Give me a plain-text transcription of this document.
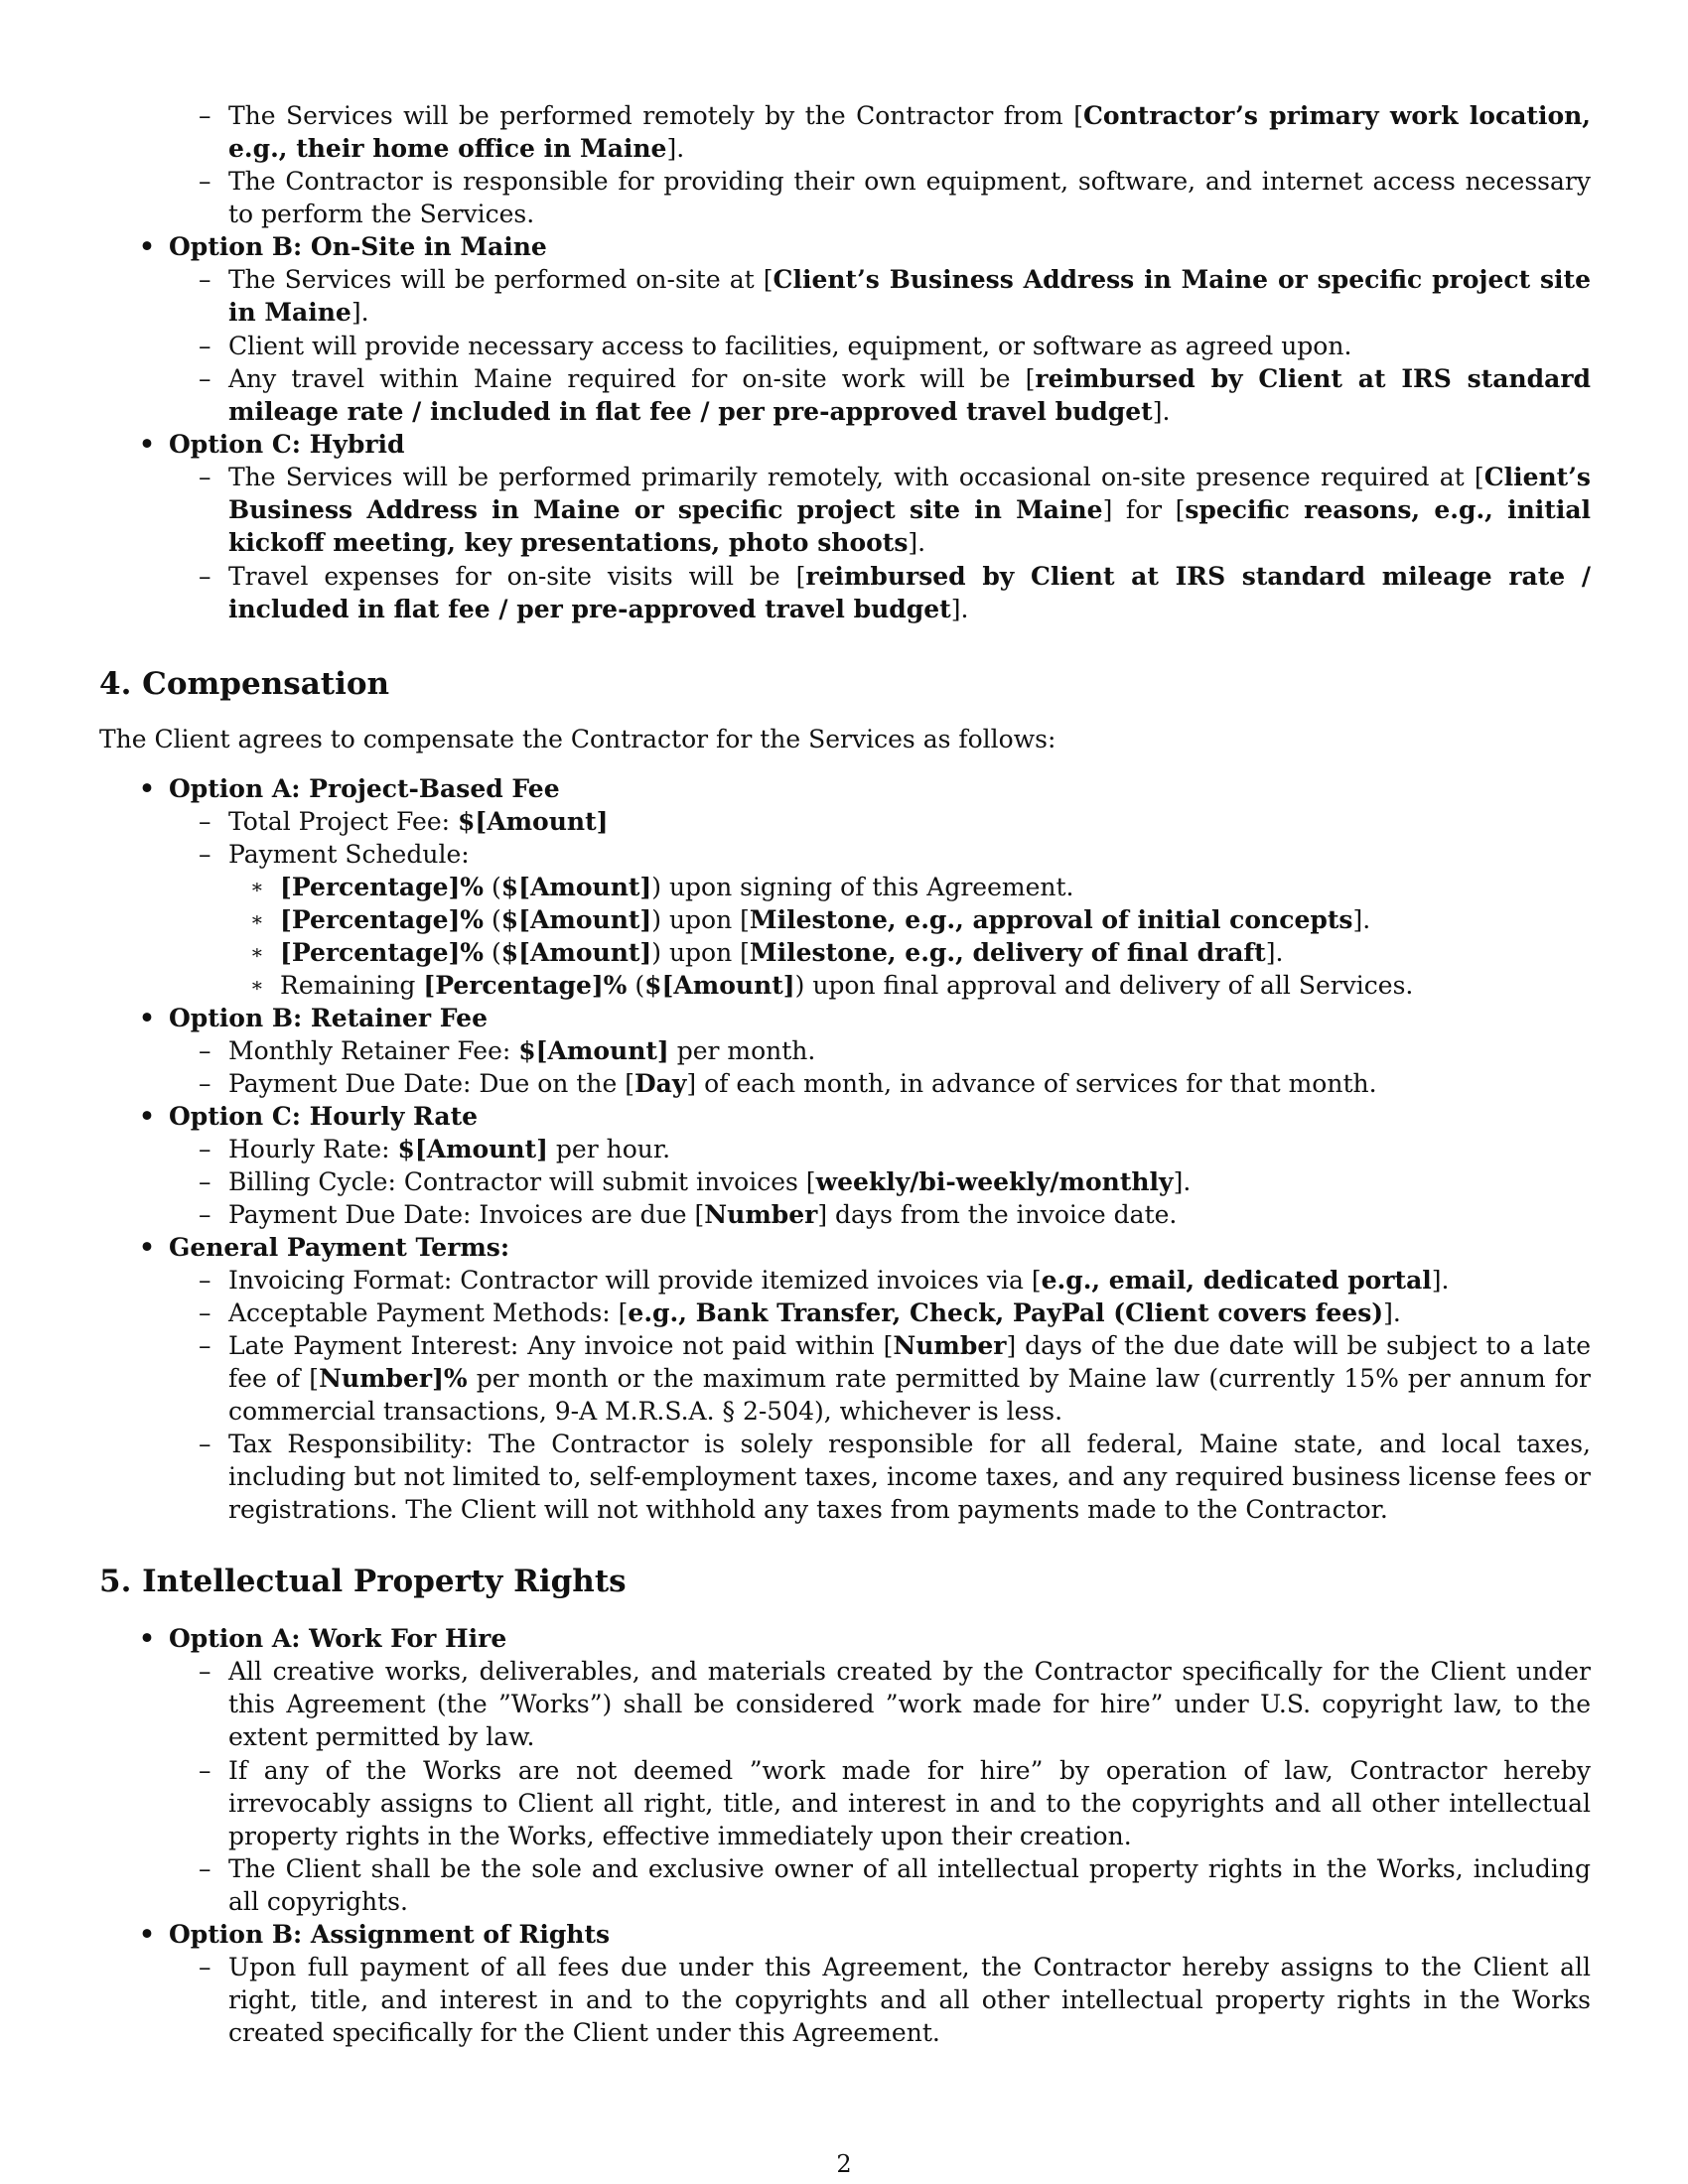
– The Services will be performed remotely by the Contractor from [Contractor’s primary work location, e.g., their home office in Maine].
– The Contractor is responsible for providing their own equipment, software, and internet access necessary to perform the Services.
• Option B: On-Site in Maine
– The Services will be performed on-site at [Client’s Business Address in Maine or specific project site in Maine].
– Client will provide necessary access to facilities, equipment, or software as agreed upon.
– Any travel within Maine required for on-site work will be [reimbursed by Client at IRS standard mileage rate / included in flat fee / per pre-approved travel budget].
• Option C: Hybrid
– The Services will be performed primarily remotely, with occasional on-site presence required at [Client’s Business Address in Maine or specific project site in Maine] for [specific reasons, e.g., initial kickoff meeting, key presentations, photo shoots].
– Travel expenses for on-site visits will be [reimbursed by Client at IRS standard mileage rate / included in flat fee / per pre-approved travel budget].
4. Compensation
The Client agrees to compensate the Contractor for the Services as follows:
• Option A: Project-Based Fee
– Total Project Fee: $[Amount]
– Payment Schedule:
∗ [Percentage]% ($[Amount]) upon signing of this Agreement.
∗ [Percentage]% ($[Amount]) upon [Milestone, e.g., approval of initial concepts].
∗ [Percentage]% ($[Amount]) upon [Milestone, e.g., delivery of final draft].
∗ Remaining [Percentage]% ($[Amount]) upon final approval and delivery of all Services.
• Option B: Retainer Fee
– Monthly Retainer Fee: $[Amount] per month.
– Payment Due Date: Due on the [Day] of each month, in advance of services for that month.
• Option C: Hourly Rate
– Hourly Rate: $[Amount] per hour.
– Billing Cycle: Contractor will submit invoices [weekly/bi-weekly/monthly].
– Payment Due Date: Invoices are due [Number] days from the invoice date.
• General Payment Terms:
– Invoicing Format: Contractor will provide itemized invoices via [e.g., email, dedicated portal].
– Acceptable Payment Methods: [e.g., Bank Transfer, Check, PayPal (Client covers fees)].
– Late Payment Interest: Any invoice not paid within [Number] days of the due date will be subject to a late fee of [Number]% per month or the maximum rate permitted by Maine law (currently 15% per annum for commercial transactions, 9-A M.R.S.A. § 2-504), whichever is less.
– Tax Responsibility: The Contractor is solely responsible for all federal, Maine state, and local taxes, including but not limited to, self-employment taxes, income taxes, and any required business license fees or registrations. The Client will not withhold any taxes from payments made to the Contractor.
5. Intellectual Property Rights
• Option A: Work For Hire
– All creative works, deliverables, and materials created by the Contractor specifically for the Client under this Agreement (the ”Works”) shall be considered ”work made for hire” under U.S. copyright law, to the extent permitted by law.
– If any of the Works are not deemed ”work made for hire” by operation of law, Contractor hereby irrevocably assigns to Client all right, title, and interest in and to the copyrights and all other intellectual property rights in the Works, effective immediately upon their creation.
– The Client shall be the sole and exclusive owner of all intellectual property rights in the Works, including all copyrights.
• Option B: Assignment of Rights
– Upon full payment of all fees due under this Agreement, the Contractor hereby assigns to the Client all right, title, and interest in and to the copyrights and all other intellectual property rights in the Works created specifically for the Client under this Agreement.
2
